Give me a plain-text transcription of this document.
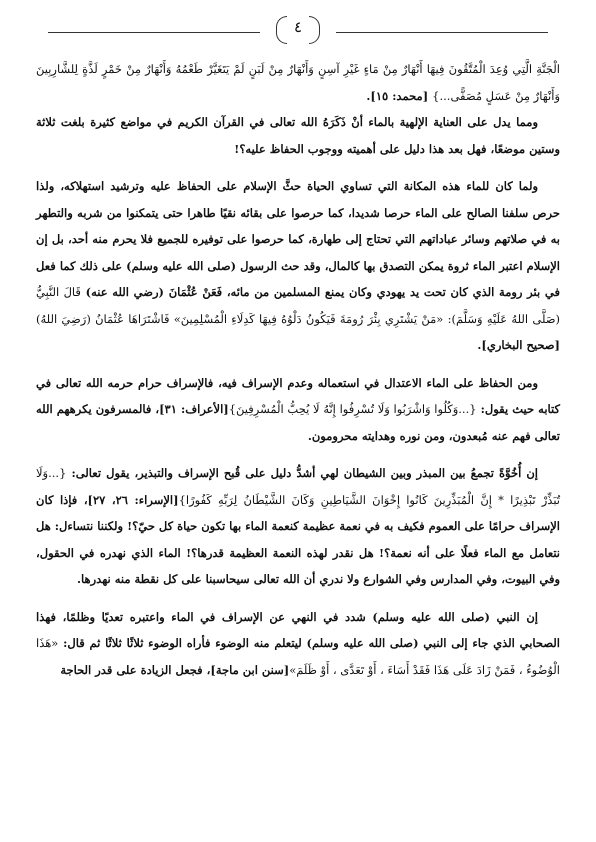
٤

الْجَنَّةِ الَّتِي وُعِدَ الْمُتَّقُونَ فِيهَا أَنْهَارٌ مِنْ مَاءٍ غَيْرِ آسِنٍ وَأَنْهَارٌ مِنْ لَبَنٍ لَمْ يَتَغَيَّرْ طَعْمُهُ وَأَنْهَارٌ مِنْ خَمْرٍ لَذَّةٍ لِلشَّارِبِينَ وَأَنْهَارٌ مِنْ عَسَلٍ مُصَفًّى...} [محمد: ١٥].

ومما يدل على العناية الإلهية بالماء أنْ ذَكَرَهُ الله تعالى في القرآن الكريم في مواضع كثيرة بلغت ثلاثة وستين موضعًا، فهل بعد هذا دليل على أهميته ووجوب الحفاظ عليه؟!

ولما كان للماء هذه المكانة التي تساوي الحياة حثَّ الإسلام على الحفاظ عليه وترشيد استهلاكه، ولذا حرص سلفنا الصالح على الماء حرصا شديدا، كما حرصوا على بقائه نقيًا طاهرا حتى يتمكنوا من شربه والتطهر به في صلاتهم وسائر عباداتهم التي تحتاج إلى طهارة، كما حرصوا على توفيره للجميع فلا يحرم منه أحد، بل إن الإسلام اعتبر الماء ثروة يمكن التصدق بها كالمال، وقد حث الرسول (صلى الله عليه وسلم) على ذلك كما فعل في بئر رومة الذي كان تحت يد يهودي وكان يمنع المسلمين من مائه، فَعَنْ عُثْمَانَ (رضي الله عنه) قَالَ النَّبِيُّ (صَلَّى اللهُ عَلَيْهِ وَسَلَّمَ): «مَنْ يَشْتَرِي بِئْرَ رُومَةَ فَيَكُونُ دَلْوُهُ فِيهَا كَدِلَاءِ الْمُسْلِمِينَ» فَاشْتَرَاهَا عُثْمَانُ (رَضِيَ اللهُ)[صحيح البخاري].

ومن الحفاظ على الماء الاعتدال في استعماله وعدم الإسراف فيه، فالإسراف حرام حرمه الله تعالى في كتابه حيث يقول: {...وَكُلُوا وَاشْرَبُوا وَلَا تُسْرِفُوا إِنَّهُ لَا يُحِبُّ الْمُسْرِفِينَ}[الأعراف: ٣١]، فالمسرفون يكرههم الله تعالى فهم عنه مُبعدون، ومن نوره وهدايته محرومون.

إن أُخُوَّةً تجمعُ بين المبذر وبين الشيطان لهي أشدُّ دليل على قُبح الإسراف والتبذير، يقول تعالى: {...وَلَا تُبَذِّرْ تَبْذِيرًا * إِنَّ الْمُبَذِّرِينَ كَانُوا إِخْوَانَ الشَّيَاطِينِ وَكَانَ الشَّيْطَانُ لِرَبِّهِ كَفُورًا}[الإسراء: ٢٦، ٢٧]، فإذا كان الإسراف حرامًا على العموم فكيف به في نعمة عظيمة كنعمة الماء بها تكون حياة كل حيّ؟! ولكننا نتساءل: هل نتعامل مع الماء فعلًا على أنه نعمة؟! هل نقدر لهذه النعمة العظيمة قدرها؟! الماء الذي نهدره في الحقول، وفي البيوت، وفي المدارس وفي الشوارع ولا ندري أن الله تعالى سيحاسبنا على كل نقطة منه نهدرها.

إن النبي (صلى الله عليه وسلم) شدد في النهي عن الإسراف في الماء واعتبره تعديًا وظلمًا، فهذا الصحابي الذي جاء إلى النبي (صلى الله عليه وسلم) ليتعلم منه الوضوء فأراه الوضوء ثلاثًا ثلاثًا ثم قال: «هَذَا الْوُضُوءُ ، فَمَنْ زَادَ عَلَى هَذَا فَقَدْ أَسَاءَ ، أَوْ تَعَدَّى ، أَوْ ظَلَمَ»[سنن ابن ماجة]، فجعل الزيادة على قدر الحاجة
